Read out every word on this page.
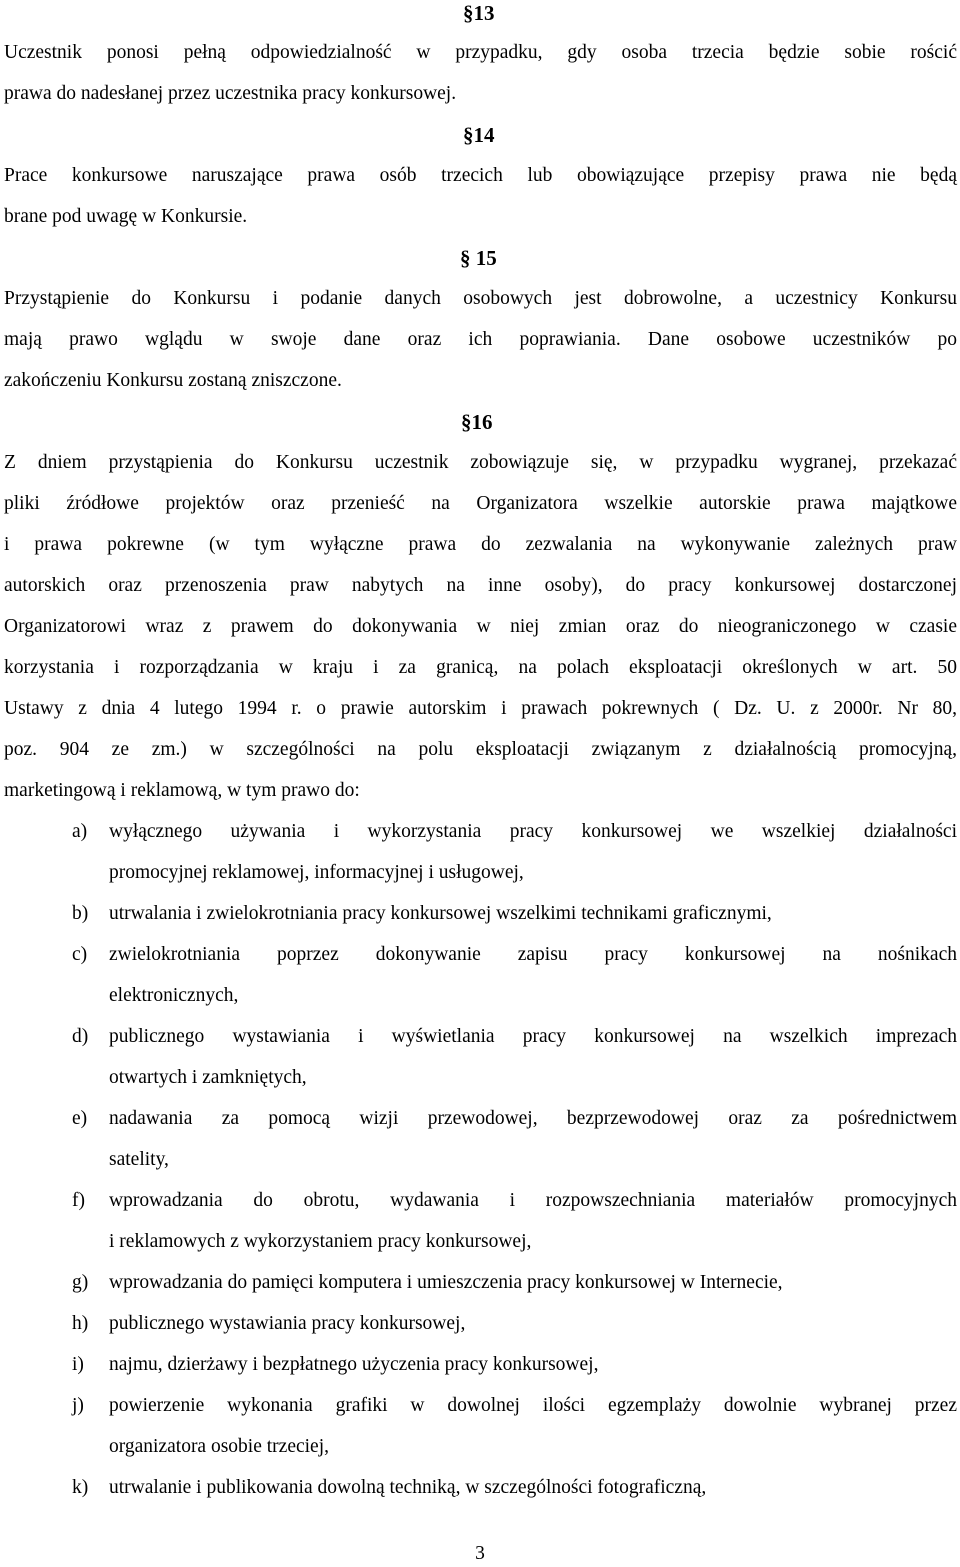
§13
Uczestnik ponosi pełną odpowiedzialność w przypadku, gdy osoba trzecia będzie sobie rościć
prawa do nadesłanej przez uczestnika pracy konkursowej.
§14
Prace konkursowe naruszające prawa osób trzecich lub obowiązujące przepisy prawa nie będą
brane pod uwagę w Konkursie.
§ 15
Przystąpienie do Konkursu i podanie danych osobowych jest dobrowolne, a uczestnicy Konkursu
mają prawo wglądu w swoje dane oraz ich poprawiania. Dane osobowe uczestników po
zakończeniu Konkursu zostaną zniszczone.
§16
Z dniem przystąpienia do Konkursu uczestnik zobowiązuje się, w przypadku wygranej, przekazać
pliki źródłowe projektów oraz przenieść na Organizatora wszelkie autorskie prawa majątkowe
i prawa pokrewne (w tym wyłączne prawa do zezwalania na wykonywanie zależnych praw
autorskich oraz przenoszenia praw nabytych na inne osoby), do pracy konkursowej dostarczonej
Organizatorowi wraz z prawem do dokonywania w niej zmian oraz do nieograniczonego w czasie
korzystania i rozporządzania w kraju i za granicą, na polach eksploatacji określonych w art. 50
Ustawy z dnia 4 lutego 1994 r. o prawie autorskim i prawach pokrewnych ( Dz. U. z 2000r. Nr 80,
poz. 904 ze zm.) w szczególności na polu eksploatacji związanym z działalnością promocyjną,
marketingową i reklamową, w tym prawo do:
a) wyłącznego używania i wykorzystania pracy konkursowej we wszelkiej działalności
promocyjnej reklamowej, informacyjnej i usługowej,
b) utrwalania i zwielokrotniania pracy konkursowej wszelkimi technikami graficznymi,
c) zwielokrotniania poprzez dokonywanie zapisu pracy konkursowej na nośnikach
elektronicznych,
d) publicznego wystawiania i wyświetlania pracy konkursowej na wszelkich imprezach
otwartych i zamkniętych,
e) nadawania za pomocą wizji przewodowej, bezprzewodowej oraz za pośrednictwem
satelity,
f) wprowadzania do obrotu, wydawania i rozpowszechniania materiałów promocyjnych
i reklamowych z wykorzystaniem pracy konkursowej,
g) wprowadzania do pamięci komputera i umieszczenia pracy konkursowej w Internecie,
h) publicznego wystawiania pracy konkursowej,
i) najmu, dzierżawy i bezpłatnego użyczenia pracy konkursowej,
j) powierzenie wykonania grafiki w dowolnej ilości egzemplaży dowolnie wybranej przez
organizatora osobie trzeciej,
k) utrwalanie i publikowania dowolną techniką, w szczególności fotograficzną,
3
